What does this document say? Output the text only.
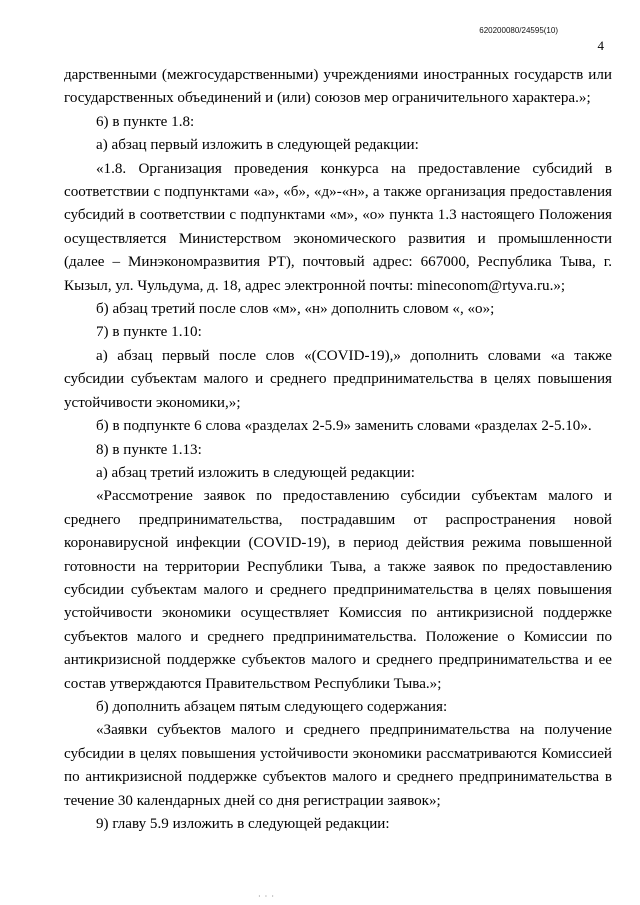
620200080/24595(10)
4

дарственными (межгосударственными) учреждениями иностранных государств или государственных объединений и (или) союзов мер ограничительного характера.»;

6) в пункте 1.8:

а) абзац первый изложить в следующей редакции:

«1.8. Организация проведения конкурса на предоставление субсидий в соответствии с подпунктами «а», «б», «д»-«н», а также организация предоставления субсидий в соответствии с подпунктами «м», «о» пункта 1.3 настоящего Положения осуществляется Министерством экономического развития и промышленности (далее – Минэкономразвития РТ), почтовый адрес: 667000, Республика Тыва, г. Кызыл, ул. Чульдума, д. 18, адрес электронной почты: mineconom@rtyva.ru.»;

б) абзац третий после слов «м», «н» дополнить словом «, «о»;

7) в пункте 1.10:

а) абзац первый после слов «(COVID-19),» дополнить словами «а также субсидии субъектам малого и среднего предпринимательства в целях повышения устойчивости экономики,»;

б) в подпункте 6 слова «разделах 2-5.9» заменить словами «разделах 2-5.10».

8) в пункте 1.13:

а) абзац третий изложить в следующей редакции:

«Рассмотрение заявок по предоставлению субсидии субъектам малого и среднего предпринимательства, пострадавшим от распространения новой коронавирусной инфекции (COVID-19), в период действия режима повышенной готовности на территории Республики Тыва, а также заявок по предоставлению субсидии субъектам малого и среднего предпринимательства в целях повышения устойчивости экономики осуществляет Комиссия по антикризисной поддержке субъектов малого и среднего предпринимательства. Положение о Комиссии по антикризисной поддержке субъектов малого и среднего предпринимательства и ее состав утверждаются Правительством Республики Тыва.»;

б) дополнить абзацем пятым следующего содержания:

«Заявки субъектов малого и среднего предпринимательства на получение субсидии в целях повышения устойчивости экономики рассматриваются Комиссией по антикризисной поддержке субъектов малого и среднего предпринимательства в течение 30 календарных дней со дня регистрации заявок»;

9) главу 5.9 изложить в следующей редакции:

· · ·
